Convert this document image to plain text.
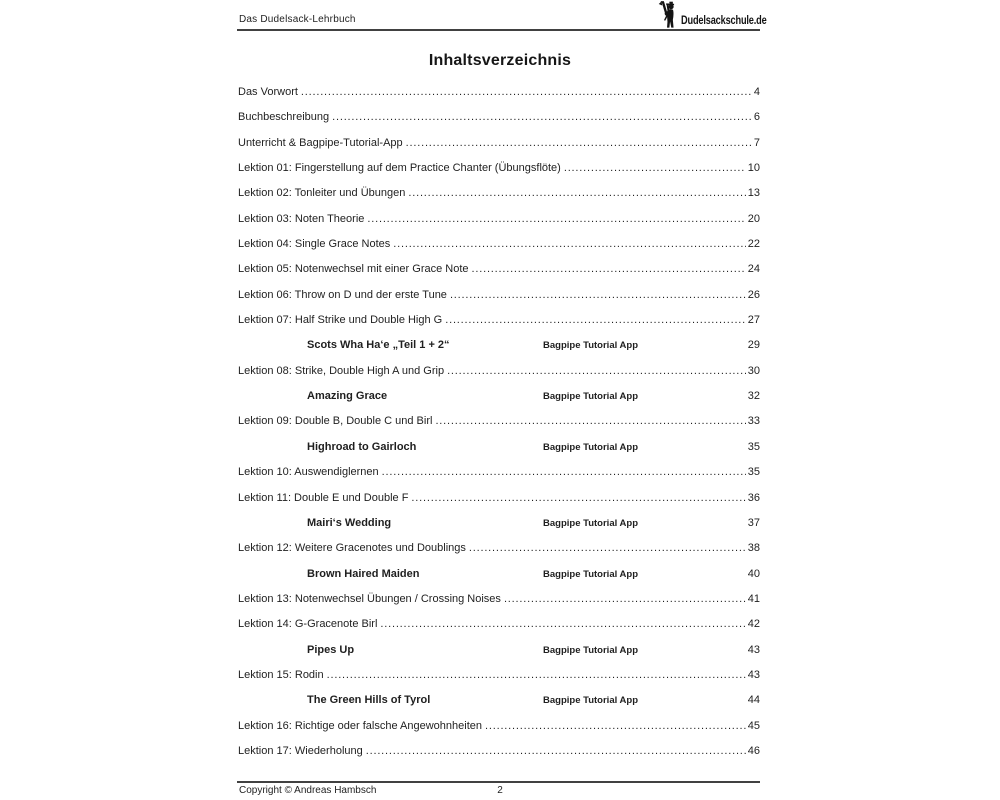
Das Dudelsack-Lehrbuch	Dudelsackschule.de
Inhaltsverzeichnis
Das Vorwort .....	4
Buchbeschreibung .....	6
Unterricht & Bagpipe-Tutorial-App .....	7
Lektion 01: Fingerstellung auf dem Practice Chanter (Übungsflöte) .....	10
Lektion 02: Tonleiter und Übungen .....	13
Lektion 03: Noten Theorie .....	20
Lektion 04: Single Grace Notes .....	22
Lektion 05: Notenwechsel mit einer Grace Note .....	24
Lektion 06: Throw on D und der erste Tune .....	26
Lektion 07: Half Strike und Double High G .....	27
Scots Wha Ha‘e „Teil 1 + 2“	Bagpipe Tutorial App	29
Lektion 08: Strike, Double High A und Grip .....	30
Amazing Grace	Bagpipe Tutorial App	32
Lektion 09: Double B, Double C und Birl .....	33
Highroad to Gairloch	Bagpipe Tutorial App	35
Lektion 10: Auswendiglernen .....	35
Lektion 11: Double E und Double F .....	36
Mairi‘s Wedding	Bagpipe Tutorial App	37
Lektion 12: Weitere Gracenotes und Doublings .....	38
Brown Haired Maiden	Bagpipe Tutorial App	40
Lektion 13: Notenwechsel Übungen / Crossing Noises .....	41
Lektion 14: G-Gracenote Birl .....	42
Pipes Up	Bagpipe Tutorial App	43
Lektion 15: Rodin .....	43
The Green Hills of Tyrol	Bagpipe Tutorial App	44
Lektion 16: Richtige oder falsche Angewohnheiten .....	45
Lektion 17: Wiederholung .....	46
Copyright © Andreas Hambsch	2
